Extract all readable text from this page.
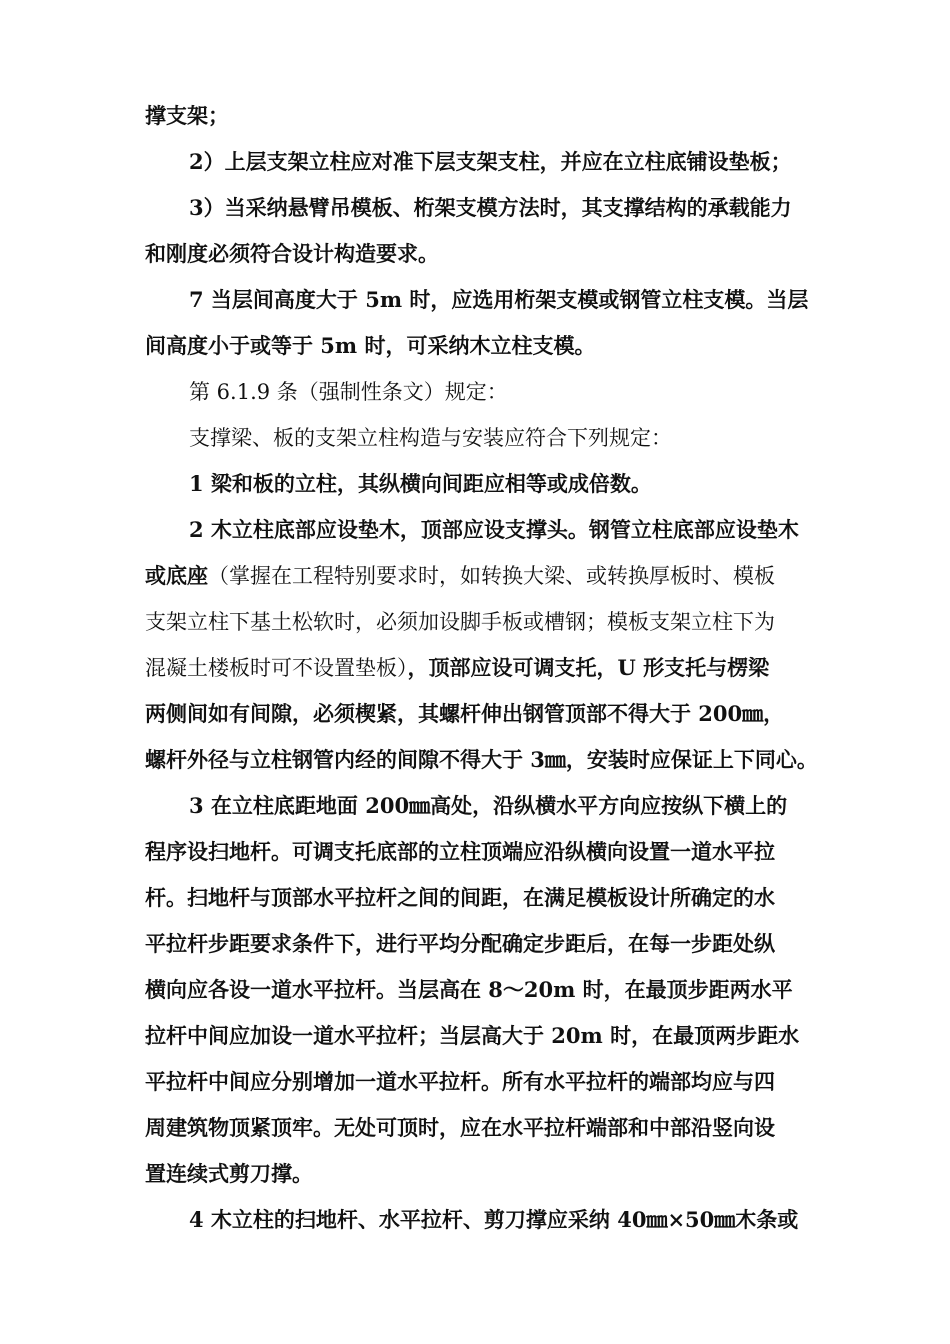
撑支架；
2）上层支架立柱应对准下层支架支柱，并应在立柱底铺设垫板；
3）当采纳悬臂吊模板、桁架支模方法时，其支撑结构的承载能力
和刚度必须符合设计构造要求。
7 当层间高度大于 5m 时，应选用桁架支模或钢管立柱支模。当层
间高度小于或等于 5m 时，可采纳木立柱支模。
第 6.1.9 条（强制性条文）规定：
支撑梁、板的支架立柱构造与安装应符合下列规定：
1 梁和板的立柱，其纵横向间距应相等或成倍数。
2 木立柱底部应设垫木，顶部应设支撑头。钢管立柱底部应设垫木
或底座（掌握在工程特别要求时，如转换大梁、或转换厚板时、模板
支架立柱下基土松软时，必须加设脚手板或槽钢；模板支架立柱下为
混凝土楼板时可不设置垫板），顶部应设可调支托，U 形支托与楞梁
两侧间如有间隙，必须楔紧，其螺杆伸出钢管顶部不得大于 200㎜，
螺杆外径与立柱钢管内经的间隙不得大于 3㎜，安装时应保证上下同心。
3 在立柱底距地面 200㎜高处，沿纵横水平方向应按纵下横上的
程序设扫地杆。可调支托底部的立柱顶端应沿纵横向设置一道水平拉
杆。扫地杆与顶部水平拉杆之间的间距，在满足模板设计所确定的水
平拉杆步距要求条件下，进行平均分配确定步距后，在每一步距处纵
横向应各设一道水平拉杆。当层高在 8～20m 时，在最顶步距两水平
拉杆中间应加设一道水平拉杆；当层高大于 20m 时，在最顶两步距水
平拉杆中间应分别增加一道水平拉杆。所有水平拉杆的端部均应与四
周建筑物顶紧顶牢。无处可顶时，应在水平拉杆端部和中部沿竖向设
置连续式剪刀撑。
4 木立柱的扫地杆、水平拉杆、剪刀撑应采纳 40㎜×50㎜木条或
